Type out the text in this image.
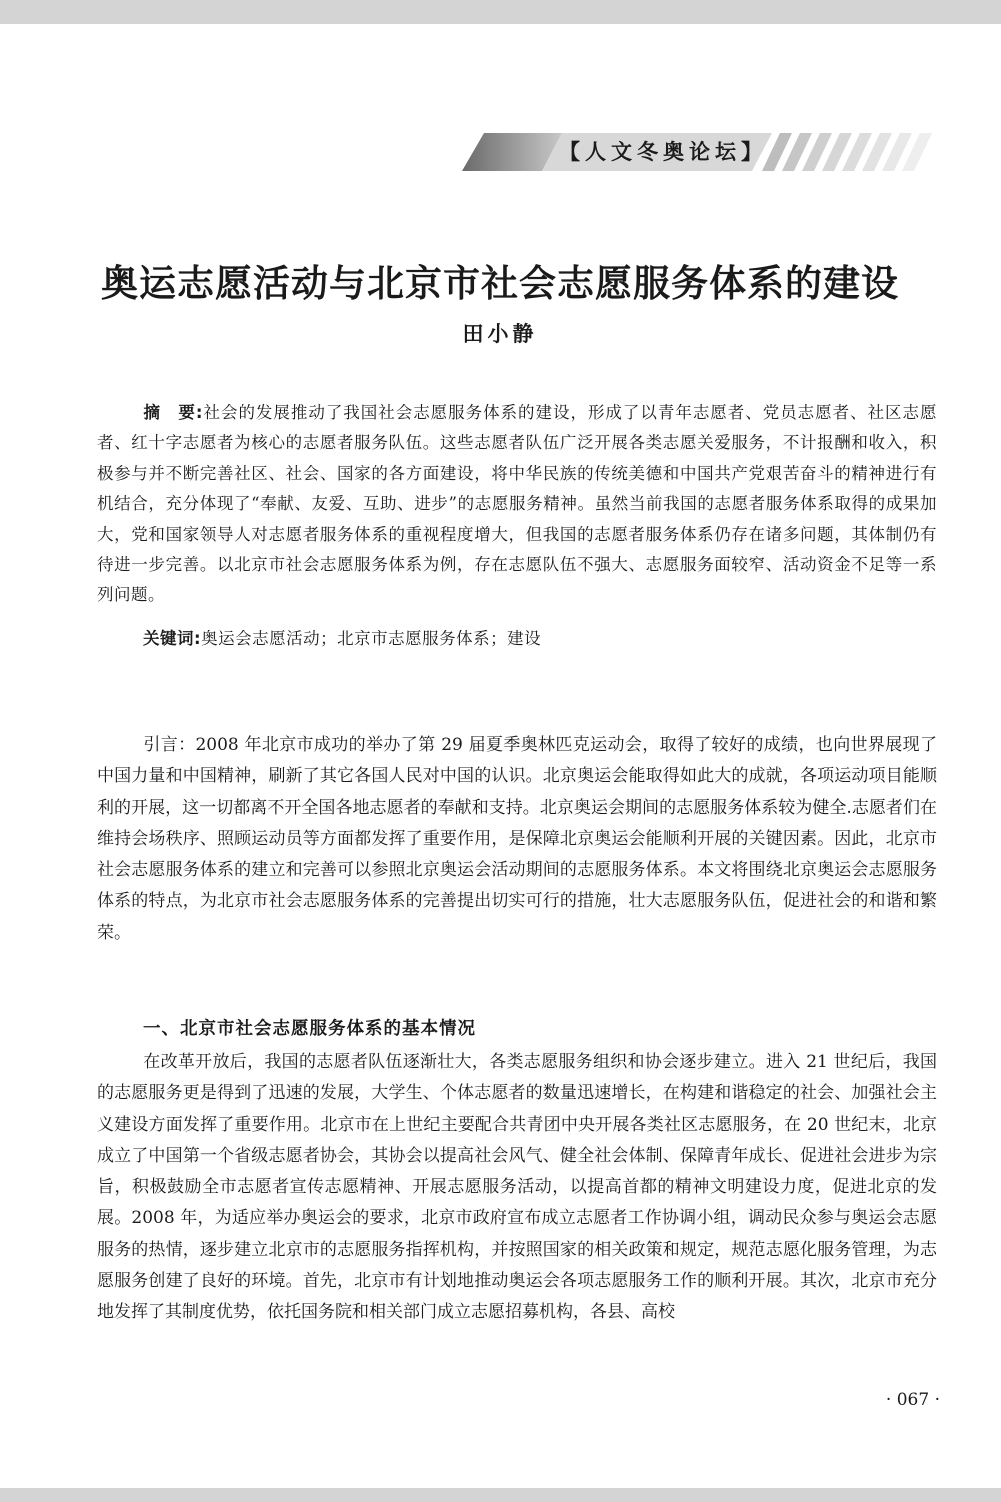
【人文冬奥论坛】
奥运志愿活动与北京市社会志愿服务体系的建设
田小静
摘　要:社会的发展推动了我国社会志愿服务体系的建设，形成了以青年志愿者、党员志愿者、社区志愿者、红十字志愿者为核心的志愿者服务队伍。这些志愿者队伍广泛开展各类志愿关爱服务，不计报酬和收入，积极参与并不断完善社区、社会、国家的各方面建设，将中华民族的传统美德和中国共产党艰苦奋斗的精神进行有机结合，充分体现了“奉献、友爱、互助、进步”的志愿服务精神。虽然当前我国的志愿者服务体系取得的成果加大，党和国家领导人对志愿者服务体系的重视程度增大，但我国的志愿者服务体系仍存在诸多问题，其体制仍有待进一步完善。以北京市社会志愿服务体系为例，存在志愿队伍不强大、志愿服务面较窄、活动资金不足等一系列问题。
关键词:奥运会志愿活动；北京市志愿服务体系；建设
引言：2008 年北京市成功的举办了第 29 届夏季奥林匹克运动会，取得了较好的成绩，也向世界展现了中国力量和中国精神，刷新了其它各国人民对中国的认识。北京奥运会能取得如此大的成就，各项运动项目能顺利的开展，这一切都离不开全国各地志愿者的奉献和支持。北京奥运会期间的志愿服务体系较为健全.志愿者们在维持会场秩序、照顾运动员等方面都发挥了重要作用，是保障北京奥运会能顺利开展的关键因素。因此，北京市社会志愿服务体系的建立和完善可以参照北京奥运会活动期间的志愿服务体系。本文将围绕北京奥运会志愿服务体系的特点，为北京市社会志愿服务体系的完善提出切实可行的措施，壮大志愿服务队伍，促进社会的和谐和繁荣。
一、北京市社会志愿服务体系的基本情况
在改革开放后，我国的志愿者队伍逐渐壮大，各类志愿服务组织和协会逐步建立。进入 21 世纪后，我国的志愿服务更是得到了迅速的发展，大学生、个体志愿者的数量迅速增长，在构建和谐稳定的社会、加强社会主义建设方面发挥了重要作用。北京市在上世纪主要配合共青团中央开展各类社区志愿服务，在 20 世纪末，北京成立了中国第一个省级志愿者协会，其协会以提高社会风气、健全社会体制、保障青年成长、促进社会进步为宗旨，积极鼓励全市志愿者宣传志愿精神、开展志愿服务活动，以提高首都的精神文明建设力度，促进北京的发展。2008 年，为适应举办奥运会的要求，北京市政府宣布成立志愿者工作协调小组，调动民众参与奥运会志愿服务的热情，逐步建立北京市的志愿服务指挥机构，并按照国家的相关政策和规定，规范志愿化服务管理，为志愿服务创建了良好的环境。首先，北京市有计划地推动奥运会各项志愿服务工作的顺利开展。其次，北京市充分地发挥了其制度优势，依托国务院和相关部门成立志愿招募机构，各县、高校
· 067 ·
